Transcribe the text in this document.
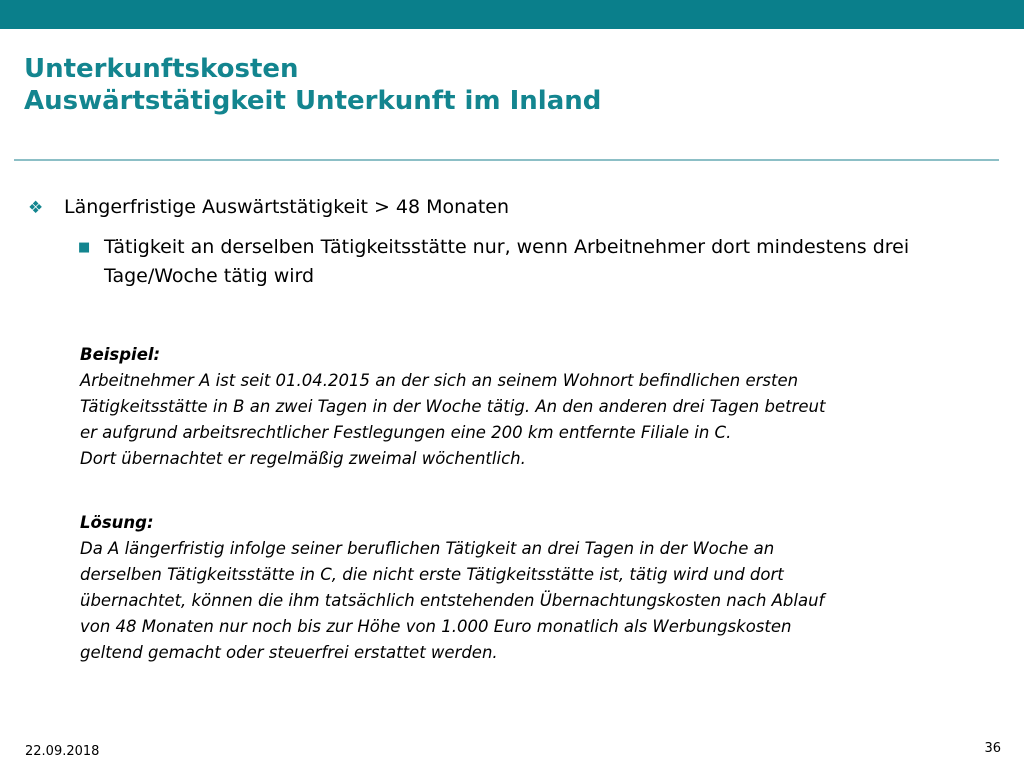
Unterkunftskosten
Auswärtstätigkeit Unterkunft im Inland
❖ Längerfristige Auswärtstätigkeit > 48 Monaten
■ Tätigkeit an derselben Tätigkeitsstätte nur, wenn Arbeitnehmer dort mindestens drei Tage/Woche tätig wird
Beispiel:
Arbeitnehmer A ist seit 01.04.2015 an der sich an seinem Wohnort befindlichen ersten
Tätigkeitsstätte in B an zwei Tagen in der Woche tätig. An den anderen drei Tagen betreut
er aufgrund arbeitsrechtlicher Festlegungen eine 200 km entfernte Filiale in C.
Dort übernachtet er regelmäßig zweimal wöchentlich.
Lösung:
Da A längerfristig infolge seiner beruflichen Tätigkeit an drei Tagen in der Woche an
derselben Tätigkeitsstätte in C, die nicht erste Tätigkeitsstätte ist, tätig wird und dort
übernachtet, können die ihm tatsächlich entstehenden Übernachtungskosten nach Ablauf
von 48 Monaten nur noch bis zur Höhe von 1.000 Euro monatlich als Werbungskosten
geltend gemacht oder steuerfrei erstattet werden.
22.09.2018	36
